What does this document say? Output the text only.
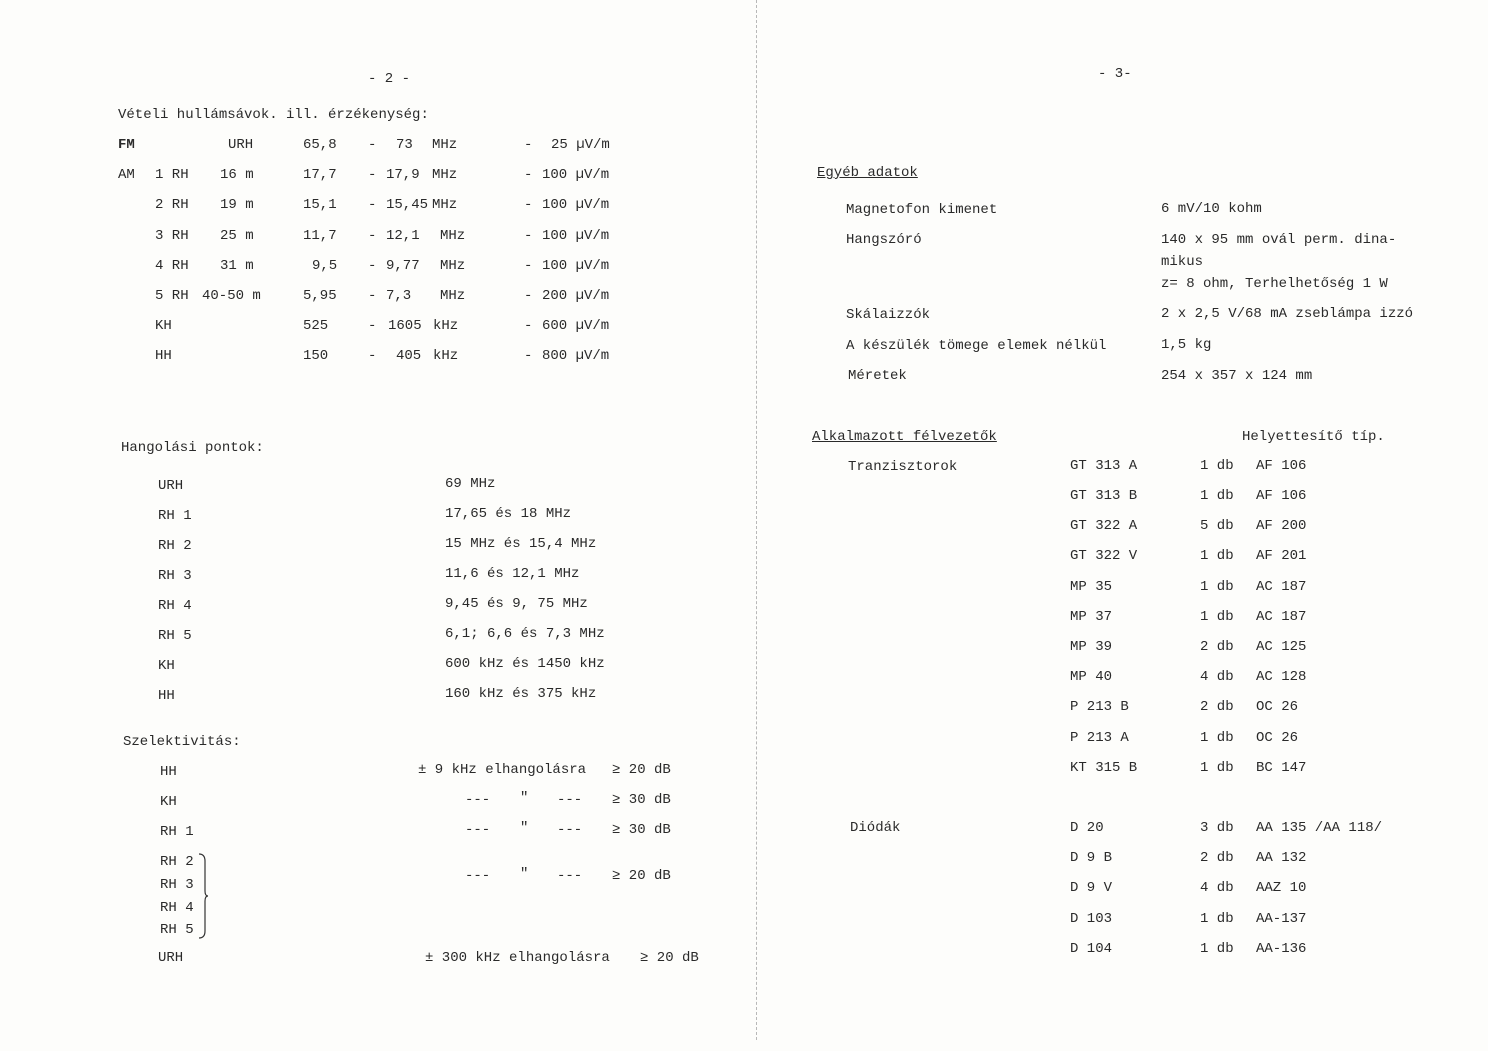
- 2 -
Vételi hullámsávok. ill. érzékenység:
FM	URH	65,8 - 73 MHz	- 25 µV/m
AM 1 RH 16 m	17,7 - 17,9 MHz	- 100 µV/m
2 RH 19 m	15,1 - 15,45 MHz	- 100 µV/m
3 RH 25 m	11,7 - 12,1 MHz	- 100 µV/m
4 RH 31 m	9,5 - 9,77 MHz	- 100 µV/m
5 RH 40-50 m	5,95 - 7,3 MHz	- 200 µV/m
KH	525	- 1605 kHz	- 600 µV/m
HH	150	- 405 kHz	- 800 µV/m
Hangolási pontok:
URH	69 MHz
RH 1	17,65 és 18 MHz
RH 2	15 MHz és 15,4 MHz
RH 3	11,6 és 12,1 MHz
RH 4	9,45 és 9, 75 MHz
RH 5	6,1; 6,6 és 7,3 MHz
KH	600 kHz és 1450 kHz
HH	160 kHz és 375 kHz
Szelektivitás:
HH	± 9 kHz elhangolásra ≥ 20 dB
KH	--- " --- ≥ 30 dB
RH 1	--- " --- ≥ 30 dB
RH 2
RH 3
RH 4
RH 5
--- " --- ≥ 20 dB
URH	± 300 kHz elhangolásra ≥ 20 dB
- 3-
Egyéb adatok
Magnetofon kimenet	6 mV/10 kohm
Hangszóró	140 x 95 mm ovál perm. dina-
mikus
z= 8 ohm, Terhelhetőség 1 W
Skálaizzók	2 x 2,5 V/68 mA zseblámpa izzó
A készülék tömege elemek nélkül	1,5 kg
Méretek	254 x 357 x 124 mm
Alkalmazott félvezetők	Helyettesítő típ.
Tranzisztorok	GT 313 A	1 db AF 106
GT 313 B	1 db AF 106
GT 322 A	5 db AF 200
GT 322 V	1 db AF 201
MP 35	1 db AC 187
MP 37	1 db AC 187
MP 39	2 db AC 125
MP 40	4 db AC 128
P 213 B	2 db OC 26
P 213 A	1 db OC 26
KT 315 B	1 db BC 147
Diódák	D 20	3 db AA 135 /AA 118/
D 9 B	2 db AA 132
D 9 V	4 db AAZ 10
D 103	1 db AA-137
D 104	1 db AA-136
